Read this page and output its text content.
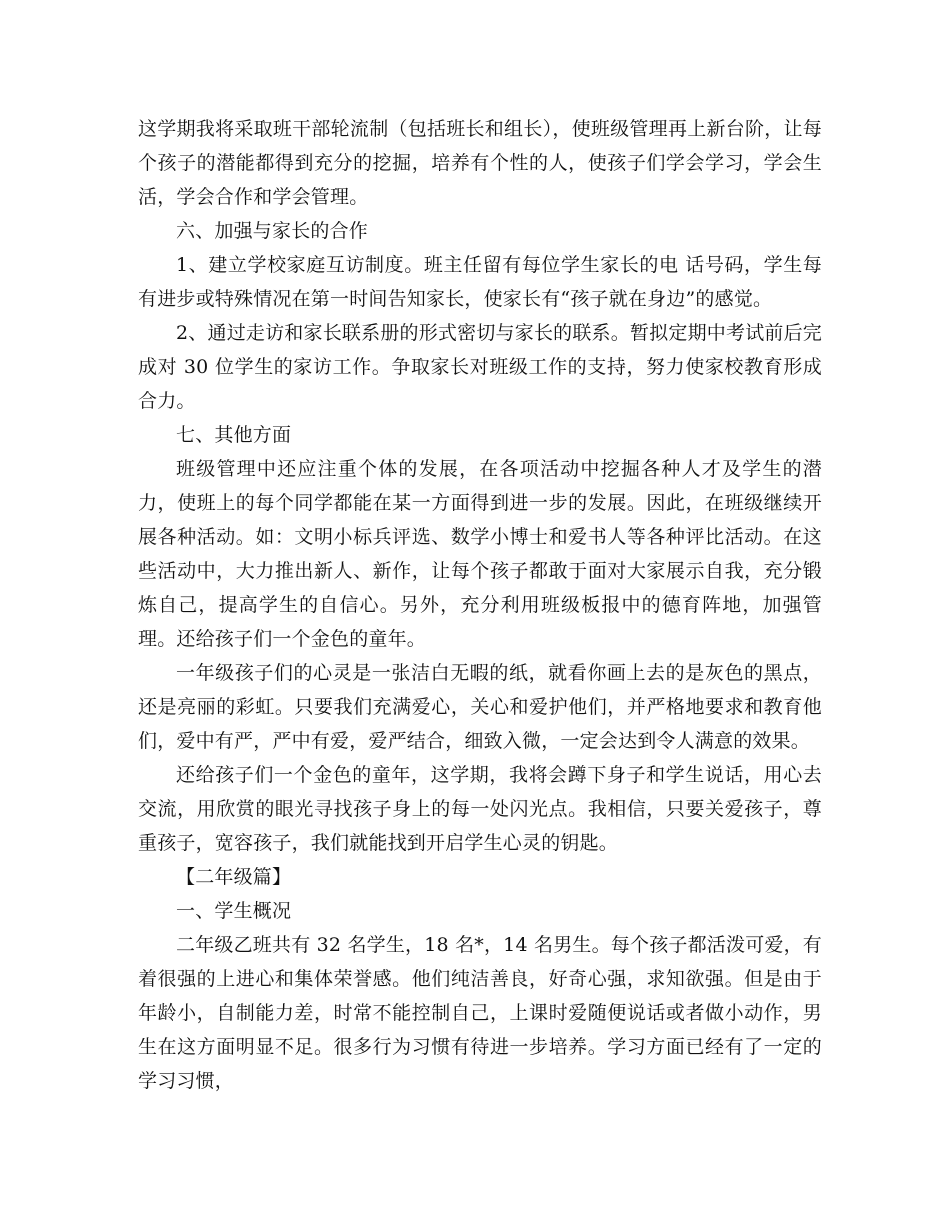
这学期我将采取班干部轮流制（包括班长和组长），使班级管理再上新台阶，让每个孩子的潜能都得到充分的挖掘，培养有个性的人，使孩子们学会学习，学会生活，学会合作和学会管理。

六、加强与家长的合作

1、建立学校家庭互访制度。班主任留有每位学生家长的电 话号码，学生每有进步或特殊情况在第一时间告知家长，使家长有“孩子就在身边”的感觉。

2、通过走访和家长联系册的形式密切与家长的联系。暂拟定期中考试前后完成对 30 位学生的家访工作。争取家长对班级工作的支持，努力使家校教育形成合力。

七、其他方面

班级管理中还应注重个体的发展，在各项活动中挖掘各种人才及学生的潜力，使班上的每个同学都能在某一方面得到进一步的发展。因此，在班级继续开展各种活动。如：文明小标兵评选、数学小博士和爱书人等各种评比活动。在这些活动中，大力推出新人、新作，让每个孩子都敢于面对大家展示自我，充分锻炼自己，提高学生的自信心。另外，充分利用班级板报中的德育阵地，加强管理。还给孩子们一个金色的童年。

一年级孩子们的心灵是一张洁白无暇的纸，就看你画上去的是灰色的黑点，还是亮丽的彩虹。只要我们充满爱心，关心和爱护他们，并严格地要求和教育他们，爱中有严，严中有爱，爱严结合，细致入微，一定会达到令人满意的效果。

还给孩子们一个金色的童年，这学期，我将会蹲下身子和学生说话，用心去交流，用欣赏的眼光寻找孩子身上的每一处闪光点。我相信，只要关爱孩子，尊重孩子，宽容孩子，我们就能找到开启学生心灵的钥匙。

【二年级篇】

一、学生概况

二年级乙班共有 32 名学生，18 名*，14 名男生。每个孩子都活泼可爱，有着很强的上进心和集体荣誉感。他们纯洁善良，好奇心强，求知欲强。但是由于年龄小，自制能力差，时常不能控制自己，上课时爱随便说话或者做小动作，男生在这方面明显不足。很多行为习惯有待进一步培养。学习方面已经有了一定的学习习惯，
